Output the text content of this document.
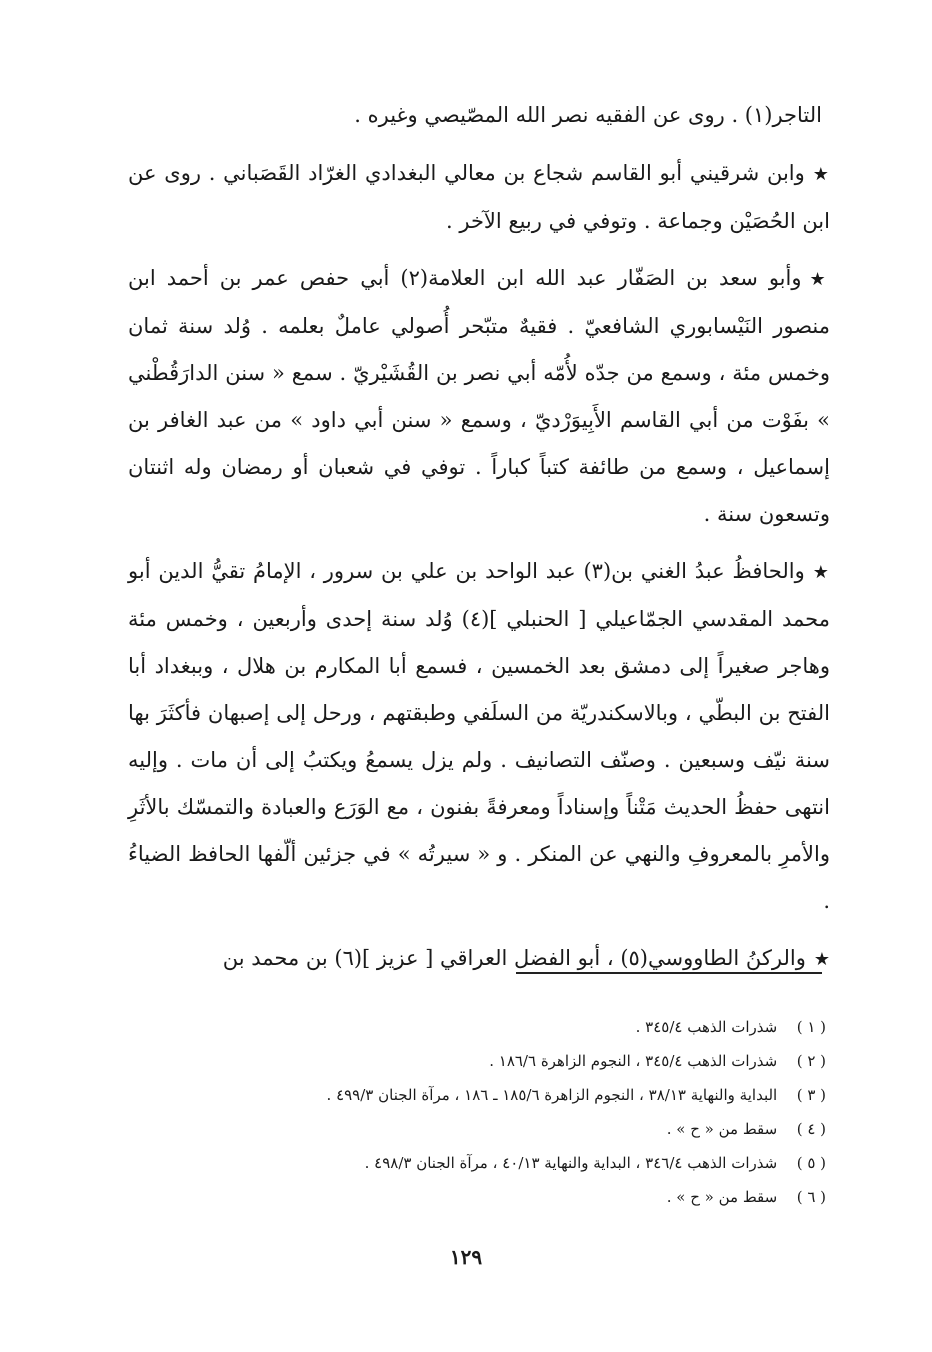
التاجر(١) . روى عن الفقيه نصر الله المصّيصي وغيره .

★وابن شرقيني أبو القاسم شجاع بن معالي البغدادي الغرّاد القَصَباني . روى عن ابن الحُصَيْن وجماعة . وتوفي في ربيع الآخر .

★وأبو سعد بن الصَفّار عبد الله ابن العلامة(٢) أبي حفص عمر بن أحمد ابن منصور النَيْسابوري الشافعيّ . فقيهٌ متبّحر أُصولي عاملٌ بعلمه . وُلد سنة ثمان وخمس مئة ، وسمع من جدّه لأُمّه أبي نصر بن القُشَيْريّ . سمع « سنن الدارَقُطْني » بفَوْت من أبي القاسم الأَبِيوَرْديّ ، وسمع « سنن أبي داود » من عبد الغافر بن إسماعيل ، وسمع من طائفة كتباً كباراً . توفي في شعبان أو رمضان وله اثنتان وتسعون سنة .

★والحافظُ عبدُ الغني بن(٣) عبد الواحد بن علي بن سرور ، الإمامُ تقيُّ الدين أبو محمد المقدسي الجمّاعيلي [ الحنبلي ](٤) وُلد سنة إحدى وأربعين ، وخمس مئة وهاجر صغيراً إلى دمشق بعد الخمسين ، فسمع أبا المكارم بن هلال ، وببغداد أبا الفتح بن البطّي ، وبالاسكندريّة من السلَفي وطبقتهم ، ورحل إلى إصبهان فأكثَرَ بها سنة نيّف وسبعين . وصنّف التصانيف . ولم يزل يسمعُ ويكتبُ إلى أن مات . وإليه انتهى حفظُ الحديث مَتْناً وإسناداً ومعرفةً بفنون ، مع الوَرَع والعبادة والتمسّك بالأثَرِ والأمرِ بالمعروفِ والنهي عن المنكر . و « سيرتُه » في جزئين ألّفها الحافظ الضياءُ .

★والركنُ الطاووسي(٥) ، أبو الفضل العراقي [ عزيز ](٦) بن محمد بن

( ١ ) شذرات الذهب ٣٤٥/٤ .
( ٢ ) شذرات الذهب ٣٤٥/٤ ، النجوم الزاهرة ١٨٦/٦ .
( ٣ ) البداية والنهاية ٣٨/١٣ ، النجوم الزاهرة ١٨٥/٦ ـ ١٨٦ ، مرآة الجنان ٤٩٩/٣ .
( ٤ ) سقط من « ح » .
( ٥ ) شذرات الذهب ٣٤٦/٤ ، البداية والنهاية ٤٠/١٣ ، مرآة الجنان ٤٩٨/٣ .
( ٦ ) سقط من « ح » .
١٢٩
